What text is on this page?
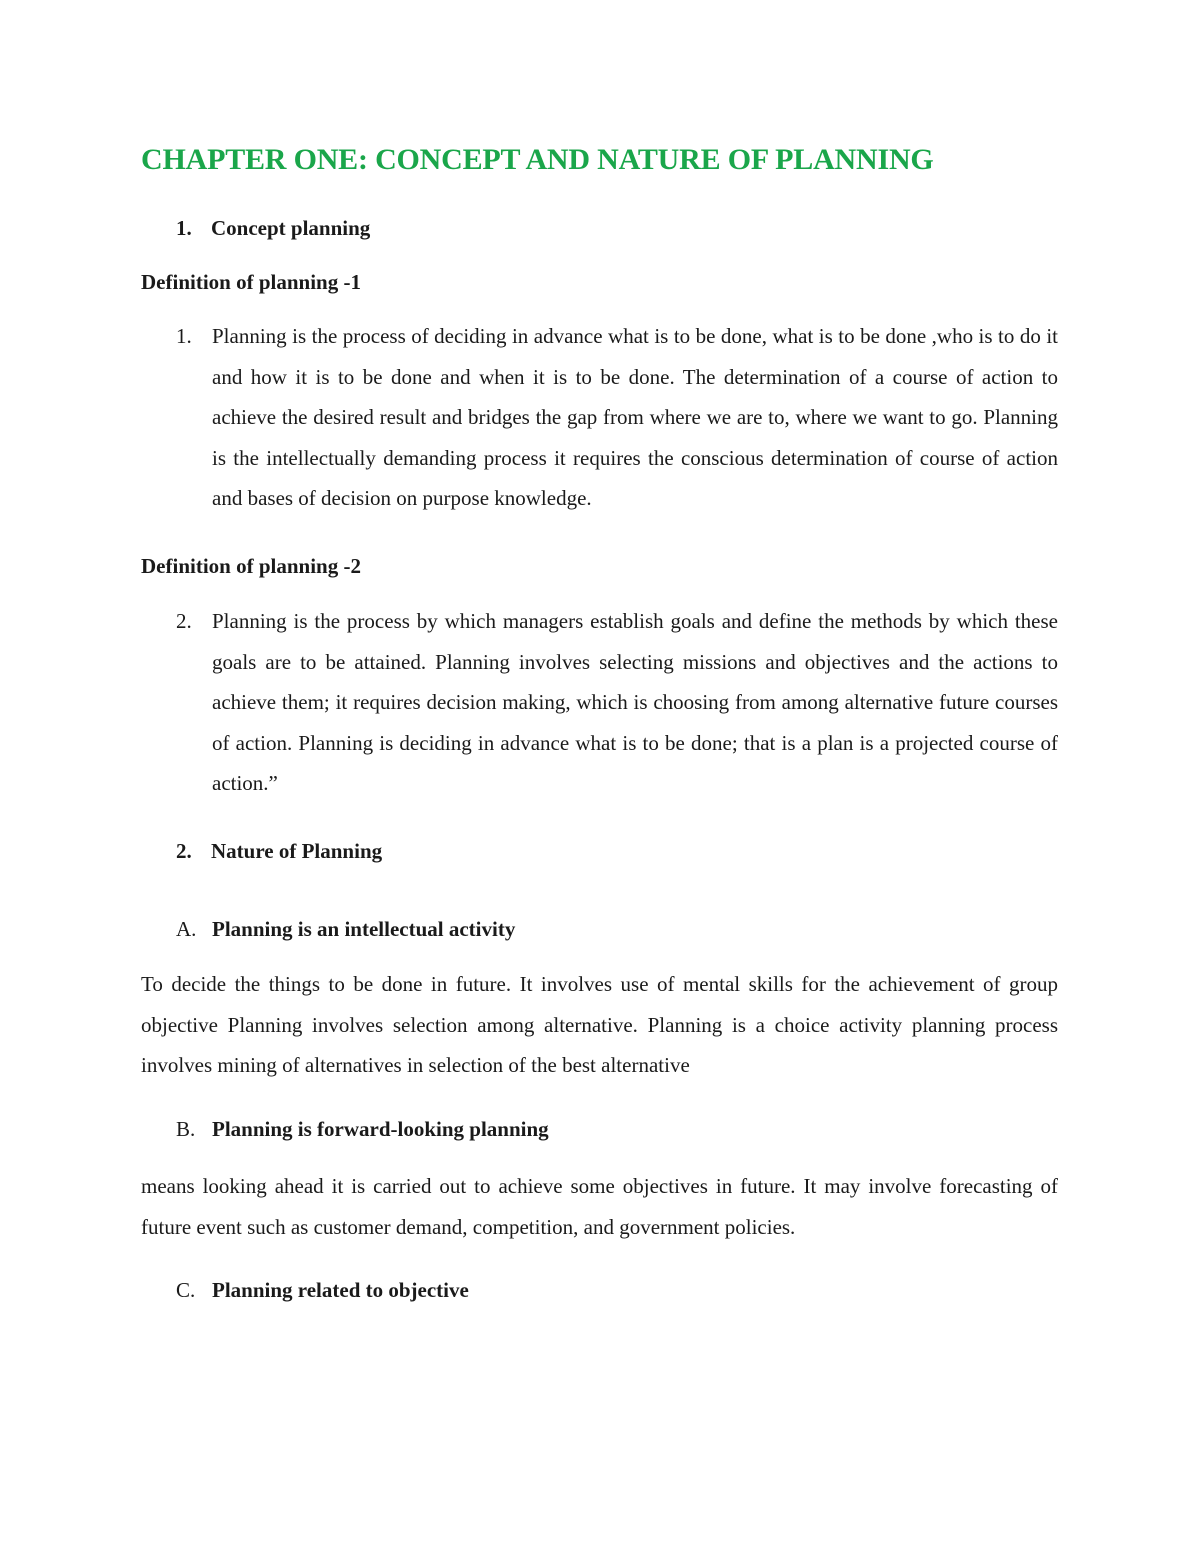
CHAPTER ONE: CONCEPT AND NATURE OF PLANNING
1. Concept planning
Definition of planning -1
1. Planning is the process of deciding in advance what is to be done, what is to be done ,who is to do it and how it is to be done and when it is to be done. The determination of a course of action to achieve the desired result and bridges the gap from where we are to, where we want to go. Planning is the intellectually demanding process it requires the conscious determination of course of action and bases of decision on purpose knowledge.
Definition of planning -2
2. Planning is the process by which managers establish goals and define the methods by which these goals are to be attained. Planning involves selecting missions and objectives and the actions to achieve them; it requires decision making, which is choosing from among alternative future courses of action. Planning is deciding in advance what is to be done; that is a plan is a projected course of action.”
2. Nature of Planning
A. Planning is an intellectual activity

To decide the things to be done in future. It involves use of mental skills for the achievement of group objective Planning involves selection among alternative. Planning is a choice activity planning process involves mining of alternatives in selection of the best alternative

B. Planning is forward-looking planning

means looking ahead it is carried out to achieve some objectives in future. It may involve forecasting of future event such as customer demand, competition, and government policies.

C. Planning related to objective
